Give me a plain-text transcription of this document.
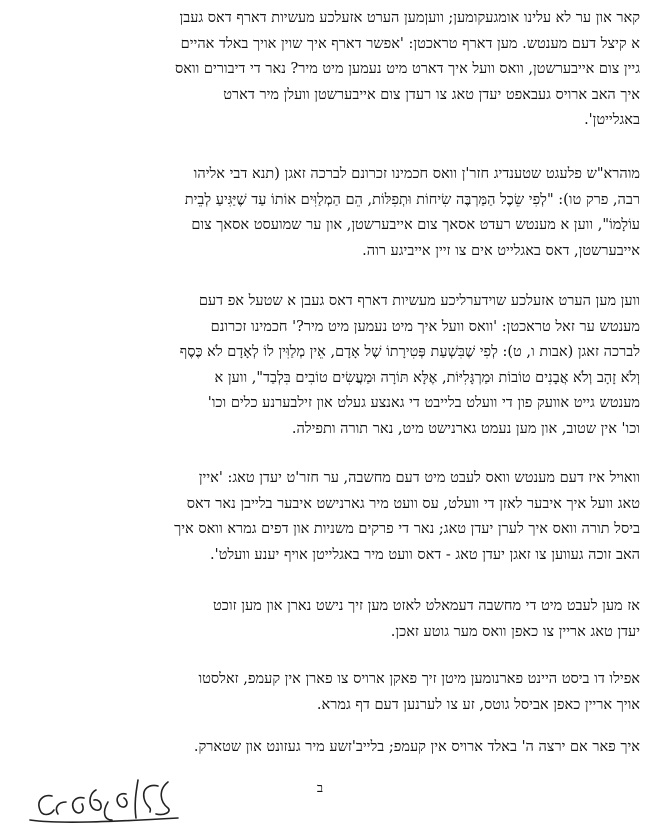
קאר און ער לא עלינו אומגעקומען; וועןמען הערט אזעלכע מעשיות דארף דאס געבן
א קיצל דעם מענטש. מען דארף טראכטן: 'אפשר דארף איך שוין אויך באלד אהיים
גיין צום אייבערשטן, וואס וועל איך דארט מיט נעמען מיט מיר? נאר די דיבורים וואס
איך האב ארויס געבאפט יעדן טאג צו רעדן צום אייבערשטן וועלן מיר דארט
באגלייטן'.
מוהרא"ש פלעגט שטענדיג חזר'ן וואס חכמינו זכרונם לברכה זאגן (תנא דבי אליהו
רבה, פרק טו): "לְפִי שֵׂכֶל הַמַּרְבֶּה שִׂיחוֹת וּתְפִלּוֹת, הֵם הַמְלַוִּים אוֹתוֹ עַד שֶׁיַּגִּיעַ לְבֵית
עוֹלָמוֹ", ווען א מענטש רעדט אסאך צום אייבערשטן, און ער שמועסט אסאך צום
אייבערשטן, דאס באגלייט אים צו זיין אייביגע רוה.
ווען מען הערט אזעלכע שוידערליכע מעשיות דארף דאס געבן א שטעל אפ דעם
מענטש ער זאל טראכטן: 'וואס וועל איך מיט נעמען מיט מיר?' חכמינו זכרונם
לברכה זאגן (אבות ו, ט): לְפִי שֶׁבִּשְׁעַת פְּטִירָתוֹ שֶׁל אָדָם, אֵין מְלַוִּין לוֹ לְאָדָם לֹא כֶּסֶף
וְלֹא זָהָב וְלֹא אֲבָנִים טוֹבוֹת וּמַרְגָּלִיּוֹת, אֶלָּא תּוֹרָה וּמַעֲשִׂים טוֹבִים בִּלְבַד", ווען א
מענטש גייט אוועק פון די וועלט בלייבט די גאנצע געלט און זילבערנע כלים וכו'
וכו' אין שטוב, און מען נעמט גארנישט מיט, נאר תורה ותפילה.
וואויל איז דעם מענטש וואס לעבט מיט דעם מחשבה, ער חזר'ט יעדן טאג: 'איין
טאג וועל איך איבער לאזן די וועלט, עס וועט מיר גארנישט איבער בלייבן נאר דאס
ביסל תורה וואס איך לערן יעדן טאג; נאר די פרקים משניות און דפים גמרא וואס איך
האב זוכה געווען צו זאגן יעדן טאג - דאס וועט מיר באגלייטן אויף יענע וועלט'.
אז מען לעבט מיט די מחשבה דעמאלט לאזט מען זיך נישט נארן און מען זוכט
יעדן טאג אריין צו כאפן וואס מער גוטע זאכן.
אפילו דו ביסט היינט פארנומען מיטן זיך פאקן ארויס צו פארן אין קעמפ, זאלסטו
אויך אריין כאפן אביסל גוטס, זע צו לערנען דעם דף גמרא.
איך פאר אם ירצה ה' באלד ארויס אין קעמפ; בלייב'זשע מיר געזונט און שטארק.
ב
